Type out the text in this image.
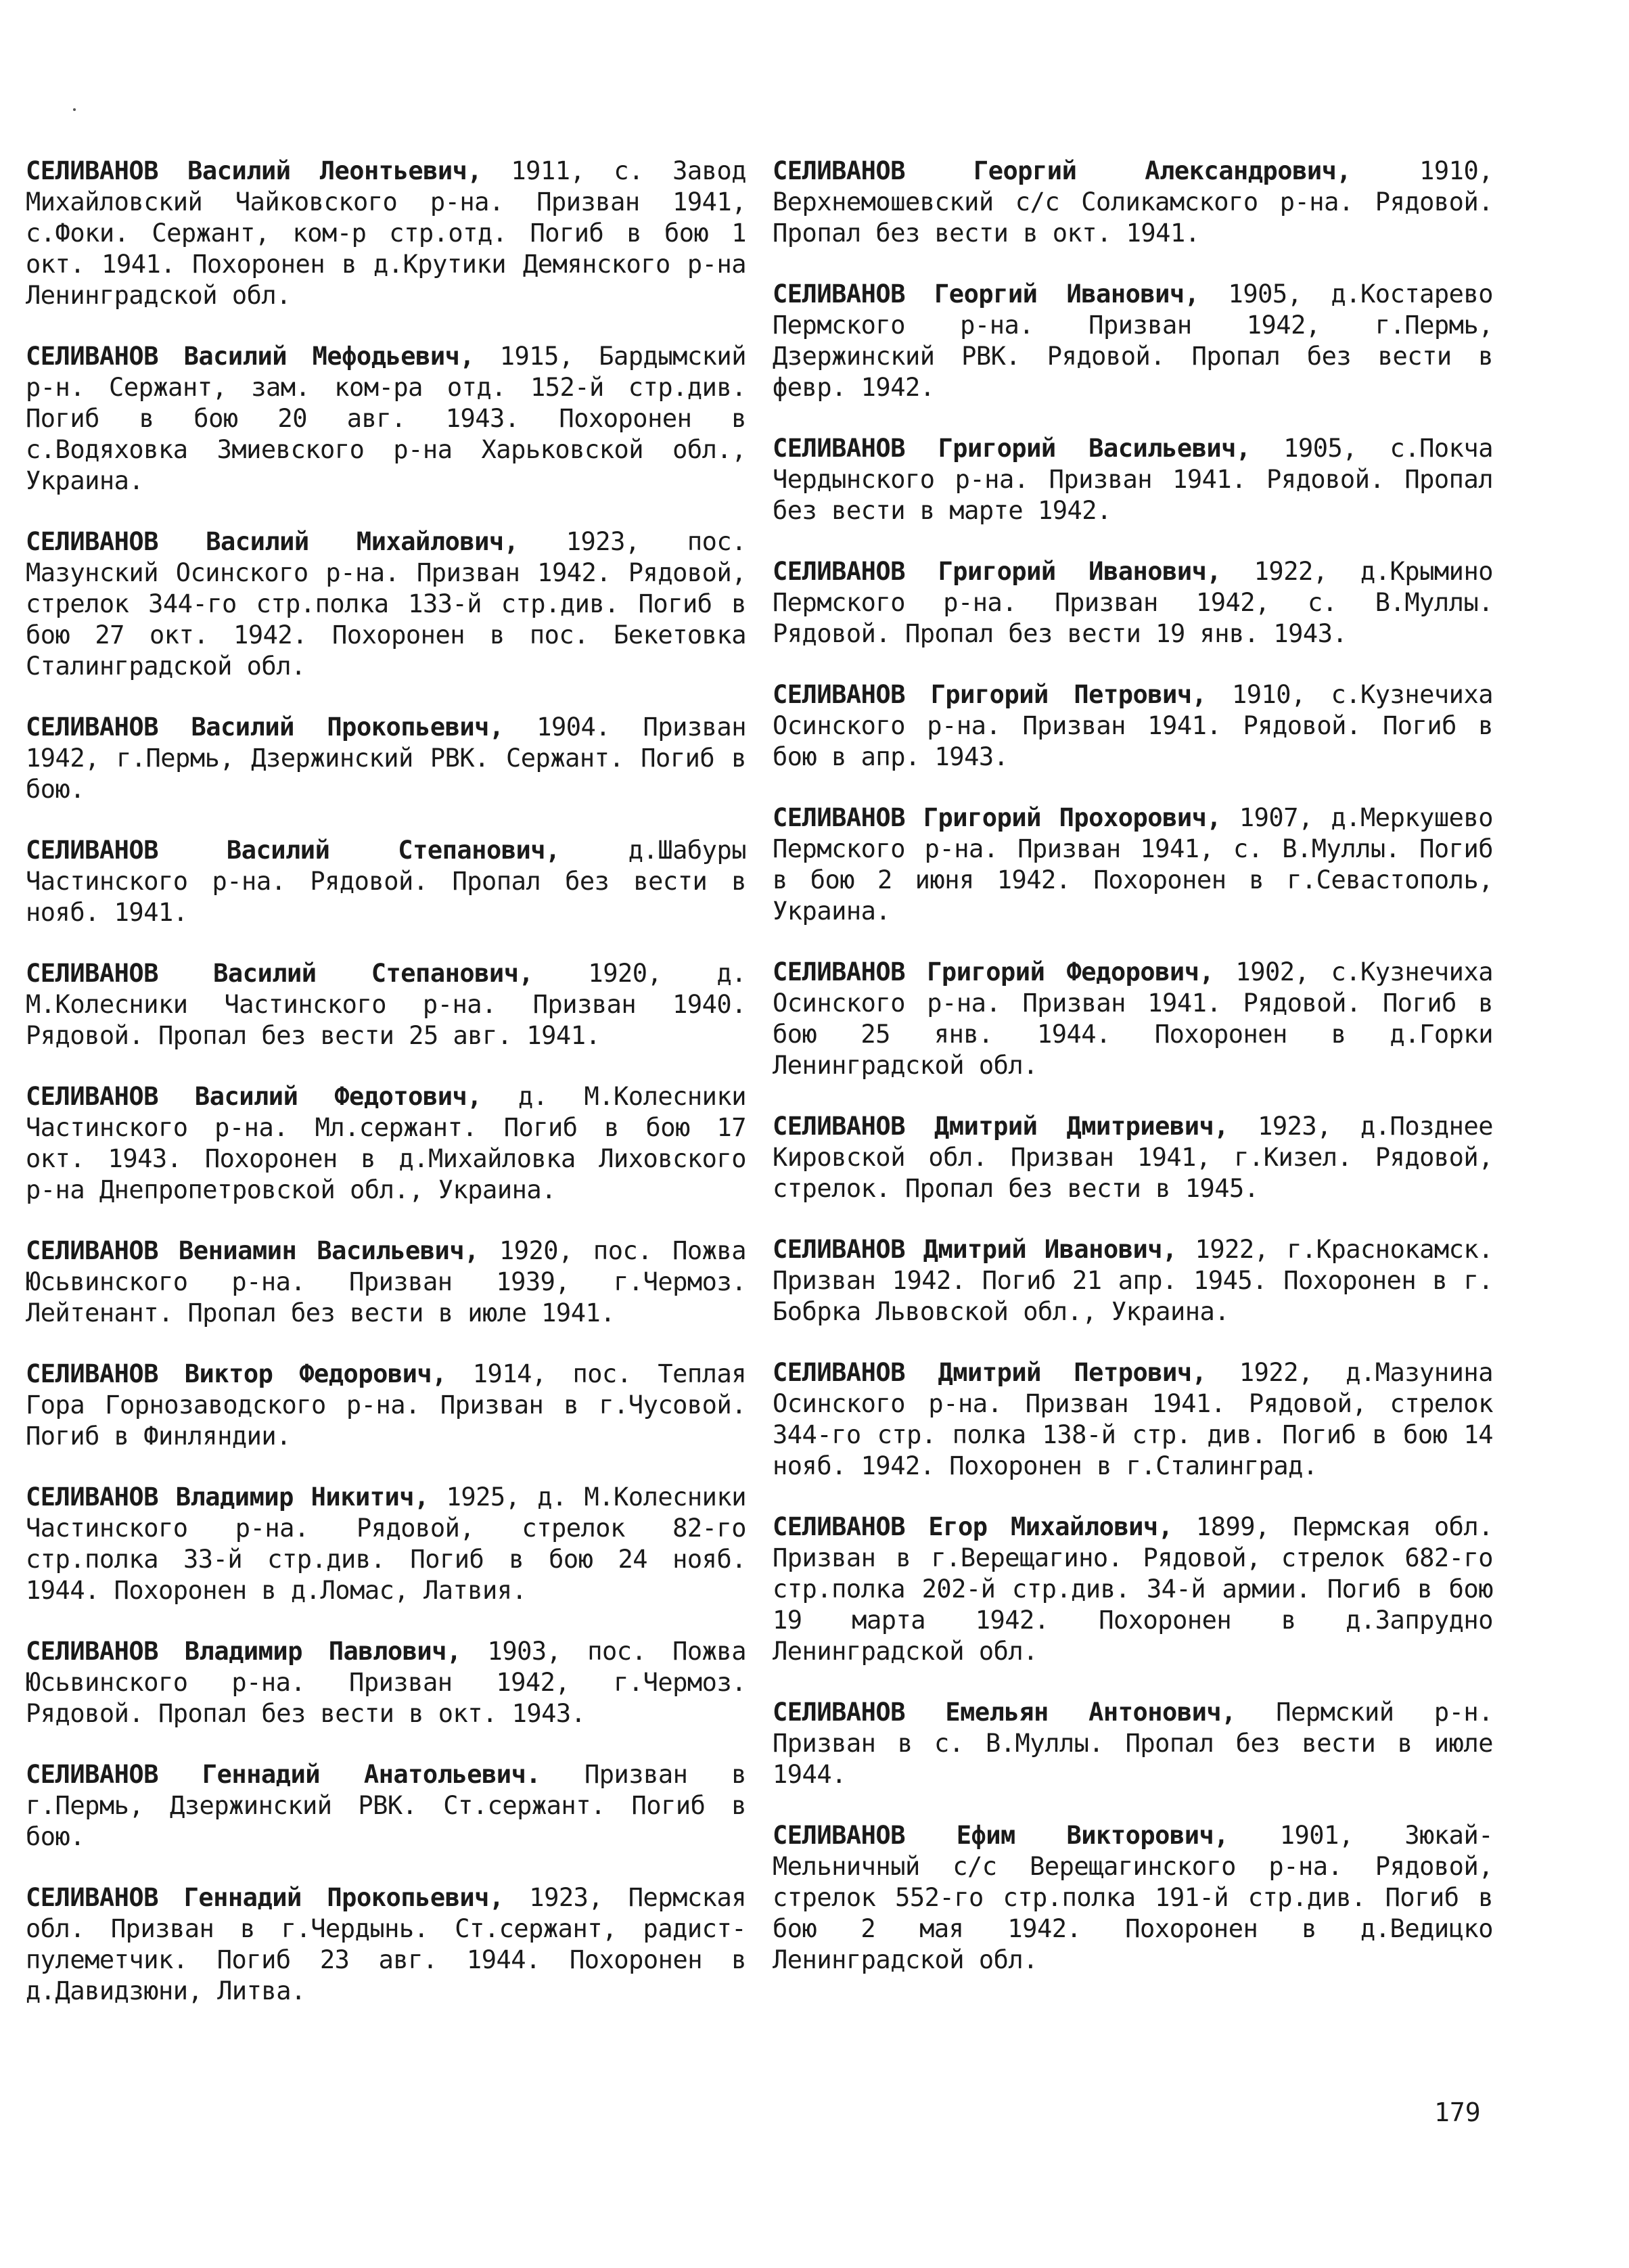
СЕЛИВАНОВ Василий Леонтьевич, 1911, с. Завод Михайловский Чайковского р-на. Призван 1941, с.Фоки. Сержант, ком-р стр.отд. Погиб в бою 1 окт. 1941. Похоронен в д.Крутики Демянского р-на Ленинградской обл.

СЕЛИВАНОВ Василий Мефодьевич, 1915, Бардымский р-н. Сержант, зам. ком-ра отд. 152-й стр.див. Погиб в бою 20 авг. 1943. Похоронен в с.Водяховка Змиевского р-на Харьковской обл., Украина.

СЕЛИВАНОВ Василий Михайлович, 1923, пос. Мазунский Осинского р-на. Призван 1942. Рядовой, стрелок 344-го стр.полка 133-й стр.див. Погиб в бою 27 окт. 1942. Похоронен в пос. Бекетовка Сталинградской обл.

СЕЛИВАНОВ Василий Прокопьевич, 1904. Призван 1942, г.Пермь, Дзержинский РВК. Сержант. Погиб в бою.

СЕЛИВАНОВ Василий Степанович, д.Шабуры Частинского р-на. Рядовой. Пропал без вести в нояб. 1941.

СЕЛИВАНОВ Василий Степанович, 1920, д. М.Колесники Частинского р-на. Призван 1940. Рядовой. Пропал без вести 25 авг. 1941.

СЕЛИВАНОВ Василий Федотович, д. М.Колесники Частинского р-на. Мл.сержант. Погиб в бою 17 окт. 1943. Похоронен в д.Михайловка Лиховского р-на Днепропетровской обл., Украина.

СЕЛИВАНОВ Вениамин Васильевич, 1920, пос. Пожва Юсьвинского р-на. Призван 1939, г.Чермоз. Лейтенант. Пропал без вести в июле 1941.

СЕЛИВАНОВ Виктор Федорович, 1914, пос. Теплая Гора Горнозаводского р-на. Призван в г.Чусовой. Погиб в Финляндии.

СЕЛИВАНОВ Владимир Никитич, 1925, д. М.Колесники Частинского р-на. Рядовой, стрелок 82-го стр.полка 33-й стр.див. Погиб в бою 24 нояб. 1944. Похоронен в д.Ломас, Латвия.

СЕЛИВАНОВ Владимир Павлович, 1903, пос. Пожва Юсьвинского р-на. Призван 1942, г.Чермоз. Рядовой. Пропал без вести в окт. 1943.

СЕЛИВАНОВ Геннадий Анатольевич. Призван в г.Пермь, Дзержинский РВК. Ст.сержант. Погиб в бою.

СЕЛИВАНОВ Геннадий Прокопьевич, 1923, Пермская обл. Призван в г.Чердынь. Ст.сержант, радист-пулеметчик. Погиб 23 авг. 1944. Похоронен в д.Давидзюни, Литва.

СЕЛИВАНОВ Георгий Александрович, 1910, Верхнемошевский с/с Соликамского р-на. Рядовой. Пропал без вести в окт. 1941.

СЕЛИВАНОВ Георгий Иванович, 1905, д.Костарево Пермского р-на. Призван 1942, г.Пермь, Дзержинский РВК. Рядовой. Пропал без вести в февр. 1942.

СЕЛИВАНОВ Григорий Васильевич, 1905, с.Покча Чердынского р-на. Призван 1941. Рядовой. Пропал без вести в марте 1942.

СЕЛИВАНОВ Григорий Иванович, 1922, д.Крымино Пермского р-на. Призван 1942, с. В.Муллы. Рядовой. Пропал без вести 19 янв. 1943.

СЕЛИВАНОВ Григорий Петрович, 1910, с.Кузнечиха Осинского р-на. Призван 1941. Рядовой. Погиб в бою в апр. 1943.

СЕЛИВАНОВ Григорий Прохорович, 1907, д.Меркушево Пермского р-на. Призван 1941, с. В.Муллы. Погиб в бою 2 июня 1942. Похоронен в г.Севастополь, Украина.

СЕЛИВАНОВ Григорий Федорович, 1902, с.Кузнечиха Осинского р-на. Призван 1941. Рядовой. Погиб в бою 25 янв. 1944. Похоронен в д.Горки Ленинградской обл.

СЕЛИВАНОВ Дмитрий Дмитриевич, 1923, д.Позднее Кировской обл. Призван 1941, г.Кизел. Рядовой, стрелок. Пропал без вести в 1945.

СЕЛИВАНОВ Дмитрий Иванович, 1922, г.Краснокамск. Призван 1942. Погиб 21 апр. 1945. Похоронен в г. Бобрка Львовской обл., Украина.

СЕЛИВАНОВ Дмитрий Петрович, 1922, д.Мазунина Осинского р-на. Призван 1941. Рядовой, стрелок 344-го стр. полка 138-й стр. див. Погиб в бою 14 нояб. 1942. Похоронен в г.Сталинград.

СЕЛИВАНОВ Егор Михайлович, 1899, Пермская обл. Призван в г.Верещагино. Рядовой, стрелок 682-го стр.полка 202-й стр.див. 34-й армии. Погиб в бою 19 марта 1942. Похоронен в д.Запрудно Ленинградской обл.

СЕЛИВАНОВ Емельян Антонович, Пермский р-н. Призван в с. В.Муллы. Пропал без вести в июле 1944.

СЕЛИВАНОВ Ефим Викторович, 1901, Зюкай-Мельничный с/с Верещагинского р-на. Рядовой, стрелок 552-го стр.полка 191-й стр.див. Погиб в бою 2 мая 1942. Похоронен в д.Ведицко Ленинградской обл.

179
